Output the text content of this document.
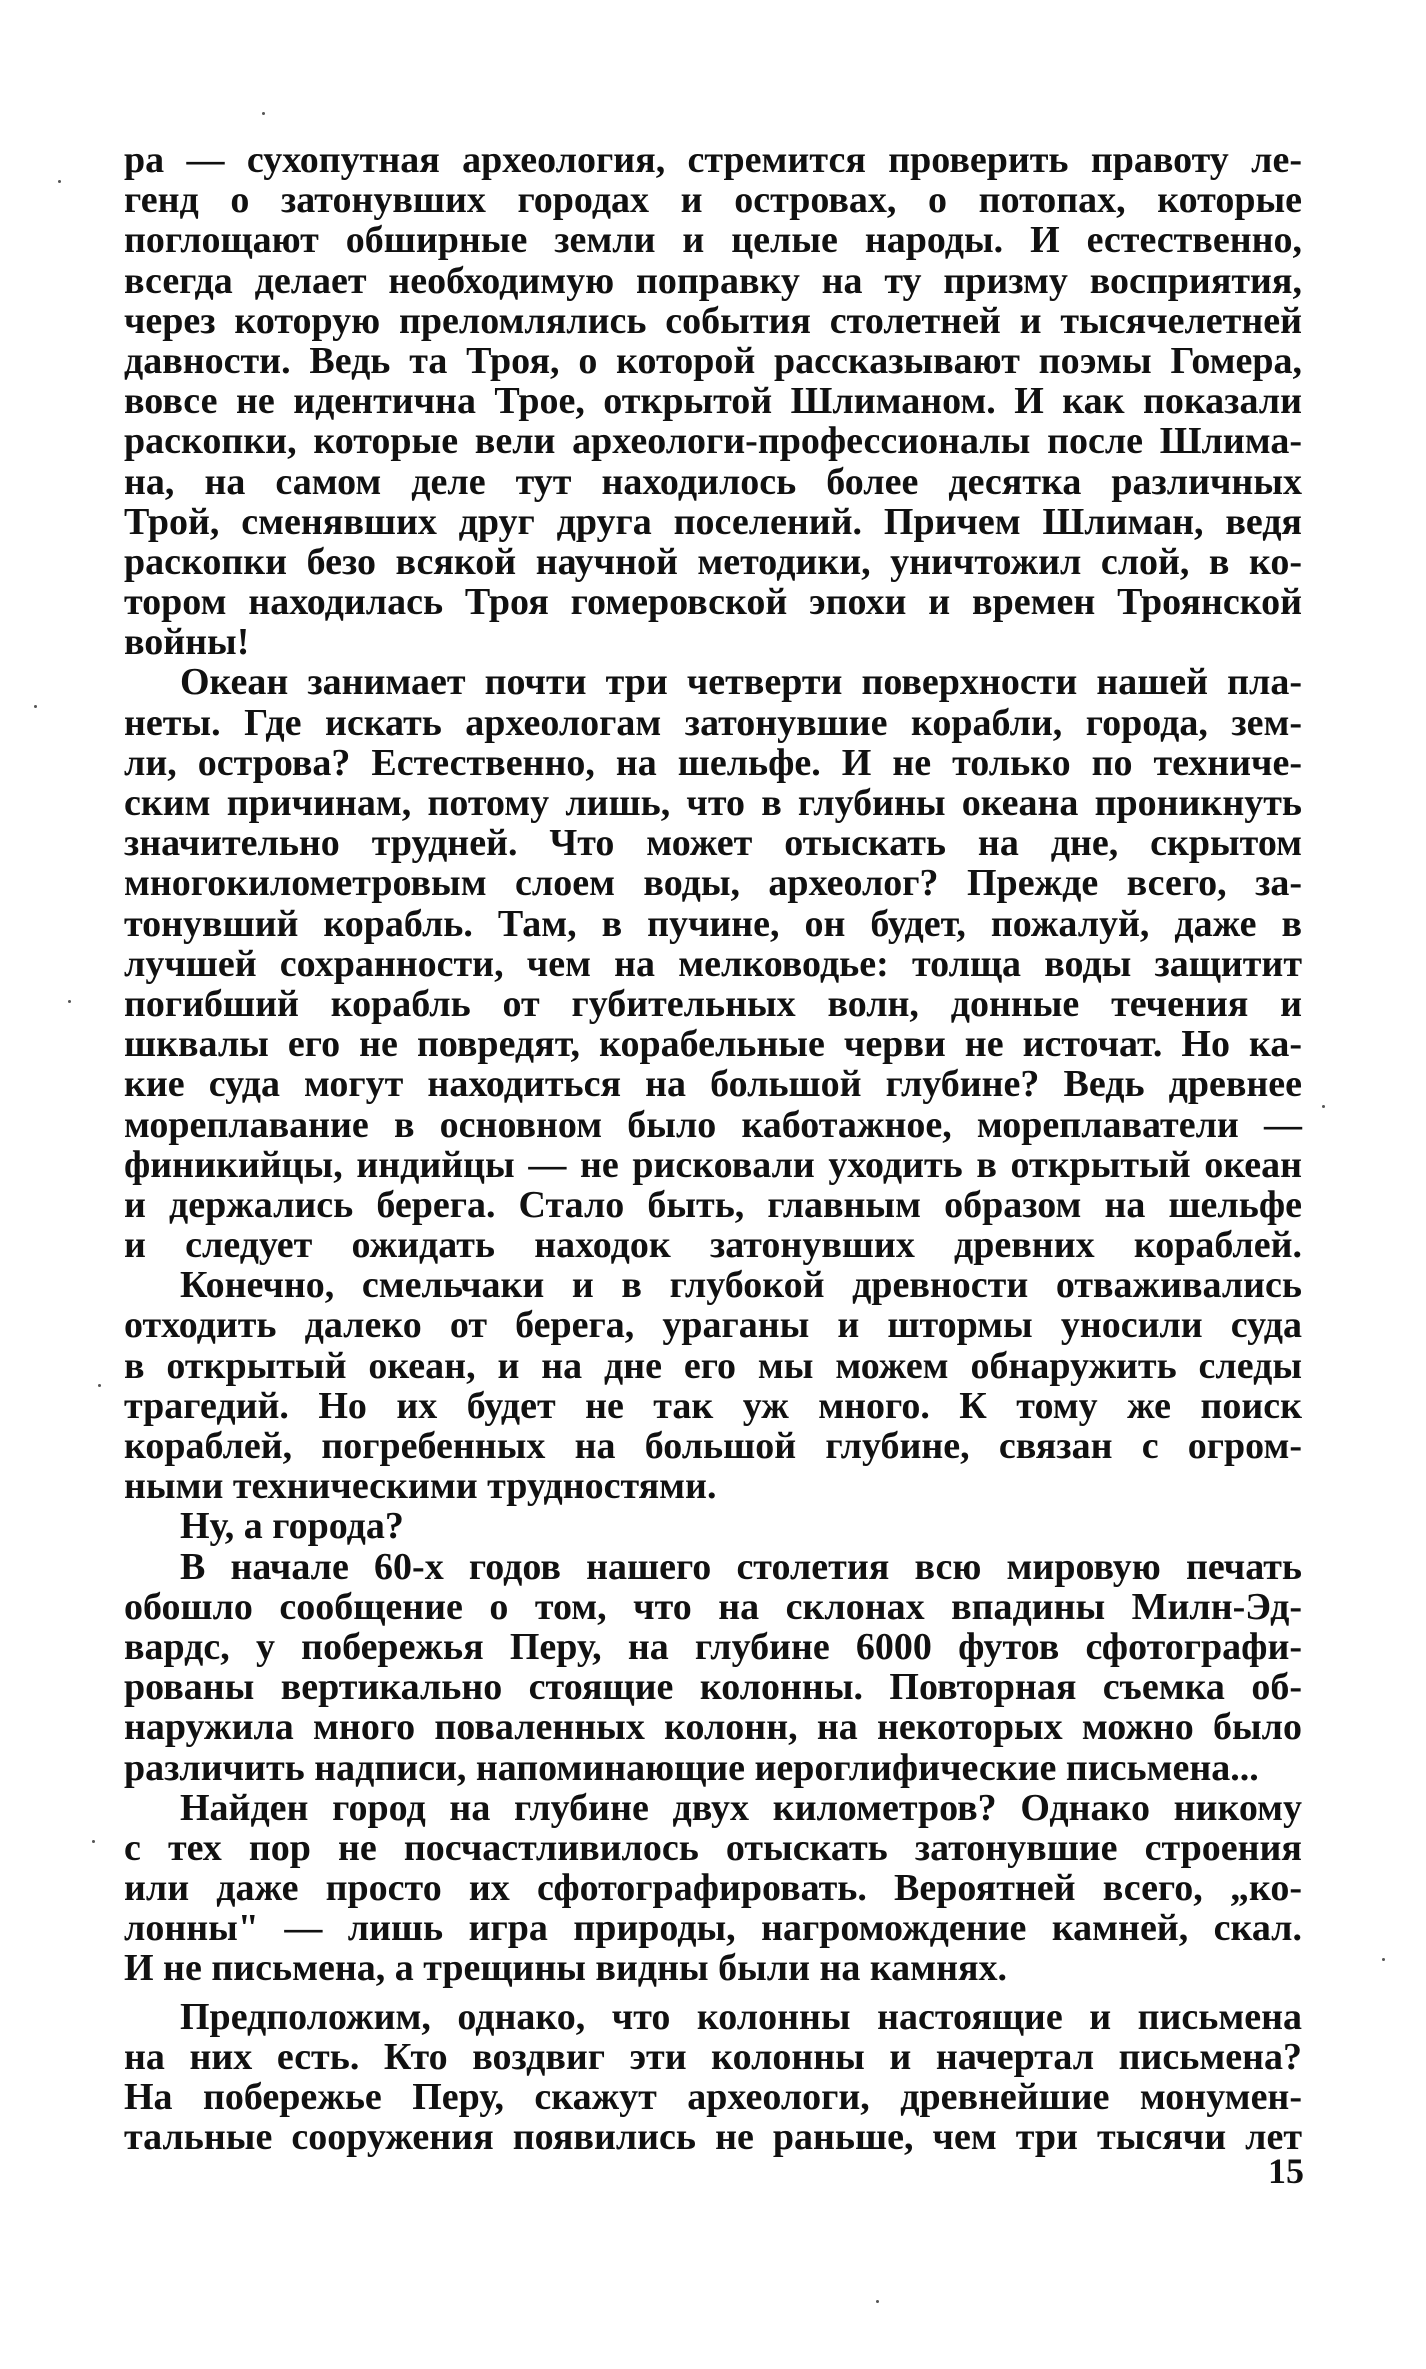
ра — сухопутная археология, стремится проверить правоту ле-
генд о затонувших городах и островах, о потопах, которые
поглощают обширные земли и целые народы. И естественно,
всегда делает необходимую поправку на ту призму восприятия,
через которую преломлялись события столетней и тысячелетней
давности. Ведь та Троя, о которой рассказывают поэмы Гомера,
вовсе не идентична Трое, открытой Шлиманом. И как показали
раскопки, которые вели археологи-профессионалы после Шлима-
на, на самом деле тут находилось более десятка различных
Трой, сменявших друг друга поселений. Причем Шлиман, ведя
раскопки безо всякой научной методики, уничтожил слой, в ко-
тором находилась Троя гомеровской эпохи и времен Троянской
войны!
Океан занимает почти три четверти поверхности нашей пла-
неты. Где искать археологам затонувшие корабли, города, зем-
ли, острова? Естественно, на шельфе. И не только по техниче-
ским причинам, потому лишь, что в глубины океана проникнуть
значительно трудней. Что может отыскать на дне, скрытом
многокилометровым слоем воды, археолог? Прежде всего, за-
тонувший корабль. Там, в пучине, он будет, пожалуй, даже в
лучшей сохранности, чем на мелководье: толща воды защитит
погибший корабль от губительных волн, донные течения и
шквалы его не повредят, корабельные черви не источат. Но ка-
кие суда могут находиться на большой глубине? Ведь древнее
мореплавание в основном было каботажное, мореплаватели —
финикийцы, индийцы — не рисковали уходить в открытый океан
и держались берега. Стало быть, главным образом на шельфе
и следует ожидать находок затонувших древних кораблей.
Конечно, смельчаки и в глубокой древности отваживались
отходить далеко от берега, ураганы и штормы уносили суда
в открытый океан, и на дне его мы можем обнаружить следы
трагедий. Но их будет не так уж много. К тому же поиск
кораблей, погребенных на большой глубине, связан с огром-
ными техническими трудностями.
Ну, а города?
В начале 60-х годов нашего столетия всю мировую печать
обошло сообщение о том, что на склонах впадины Милн-Эд-
вардс, у побережья Перу, на глубине 6000 футов сфотографи-
рованы вертикально стоящие колонны. Повторная съемка об-
наружила много поваленных колонн, на некоторых можно было
различить надписи, напоминающие иероглифические письмена...
Найден город на глубине двух километров? Однако никому
с тех пор не посчастливилось отыскать затонувшие строения
или даже просто их сфотографировать. Вероятней всего, „ко-
лонны" — лишь игра природы, нагромождение камней, скал.
И не письмена, а трещины видны были на камнях.
Предположим, однако, что колонны настоящие и письмена
на них есть. Кто воздвиг эти колонны и начертал письмена?
На побережье Перу, скажут археологи, древнейшие монумен-
тальные сооружения появились не раньше, чем три тысячи лет
15
